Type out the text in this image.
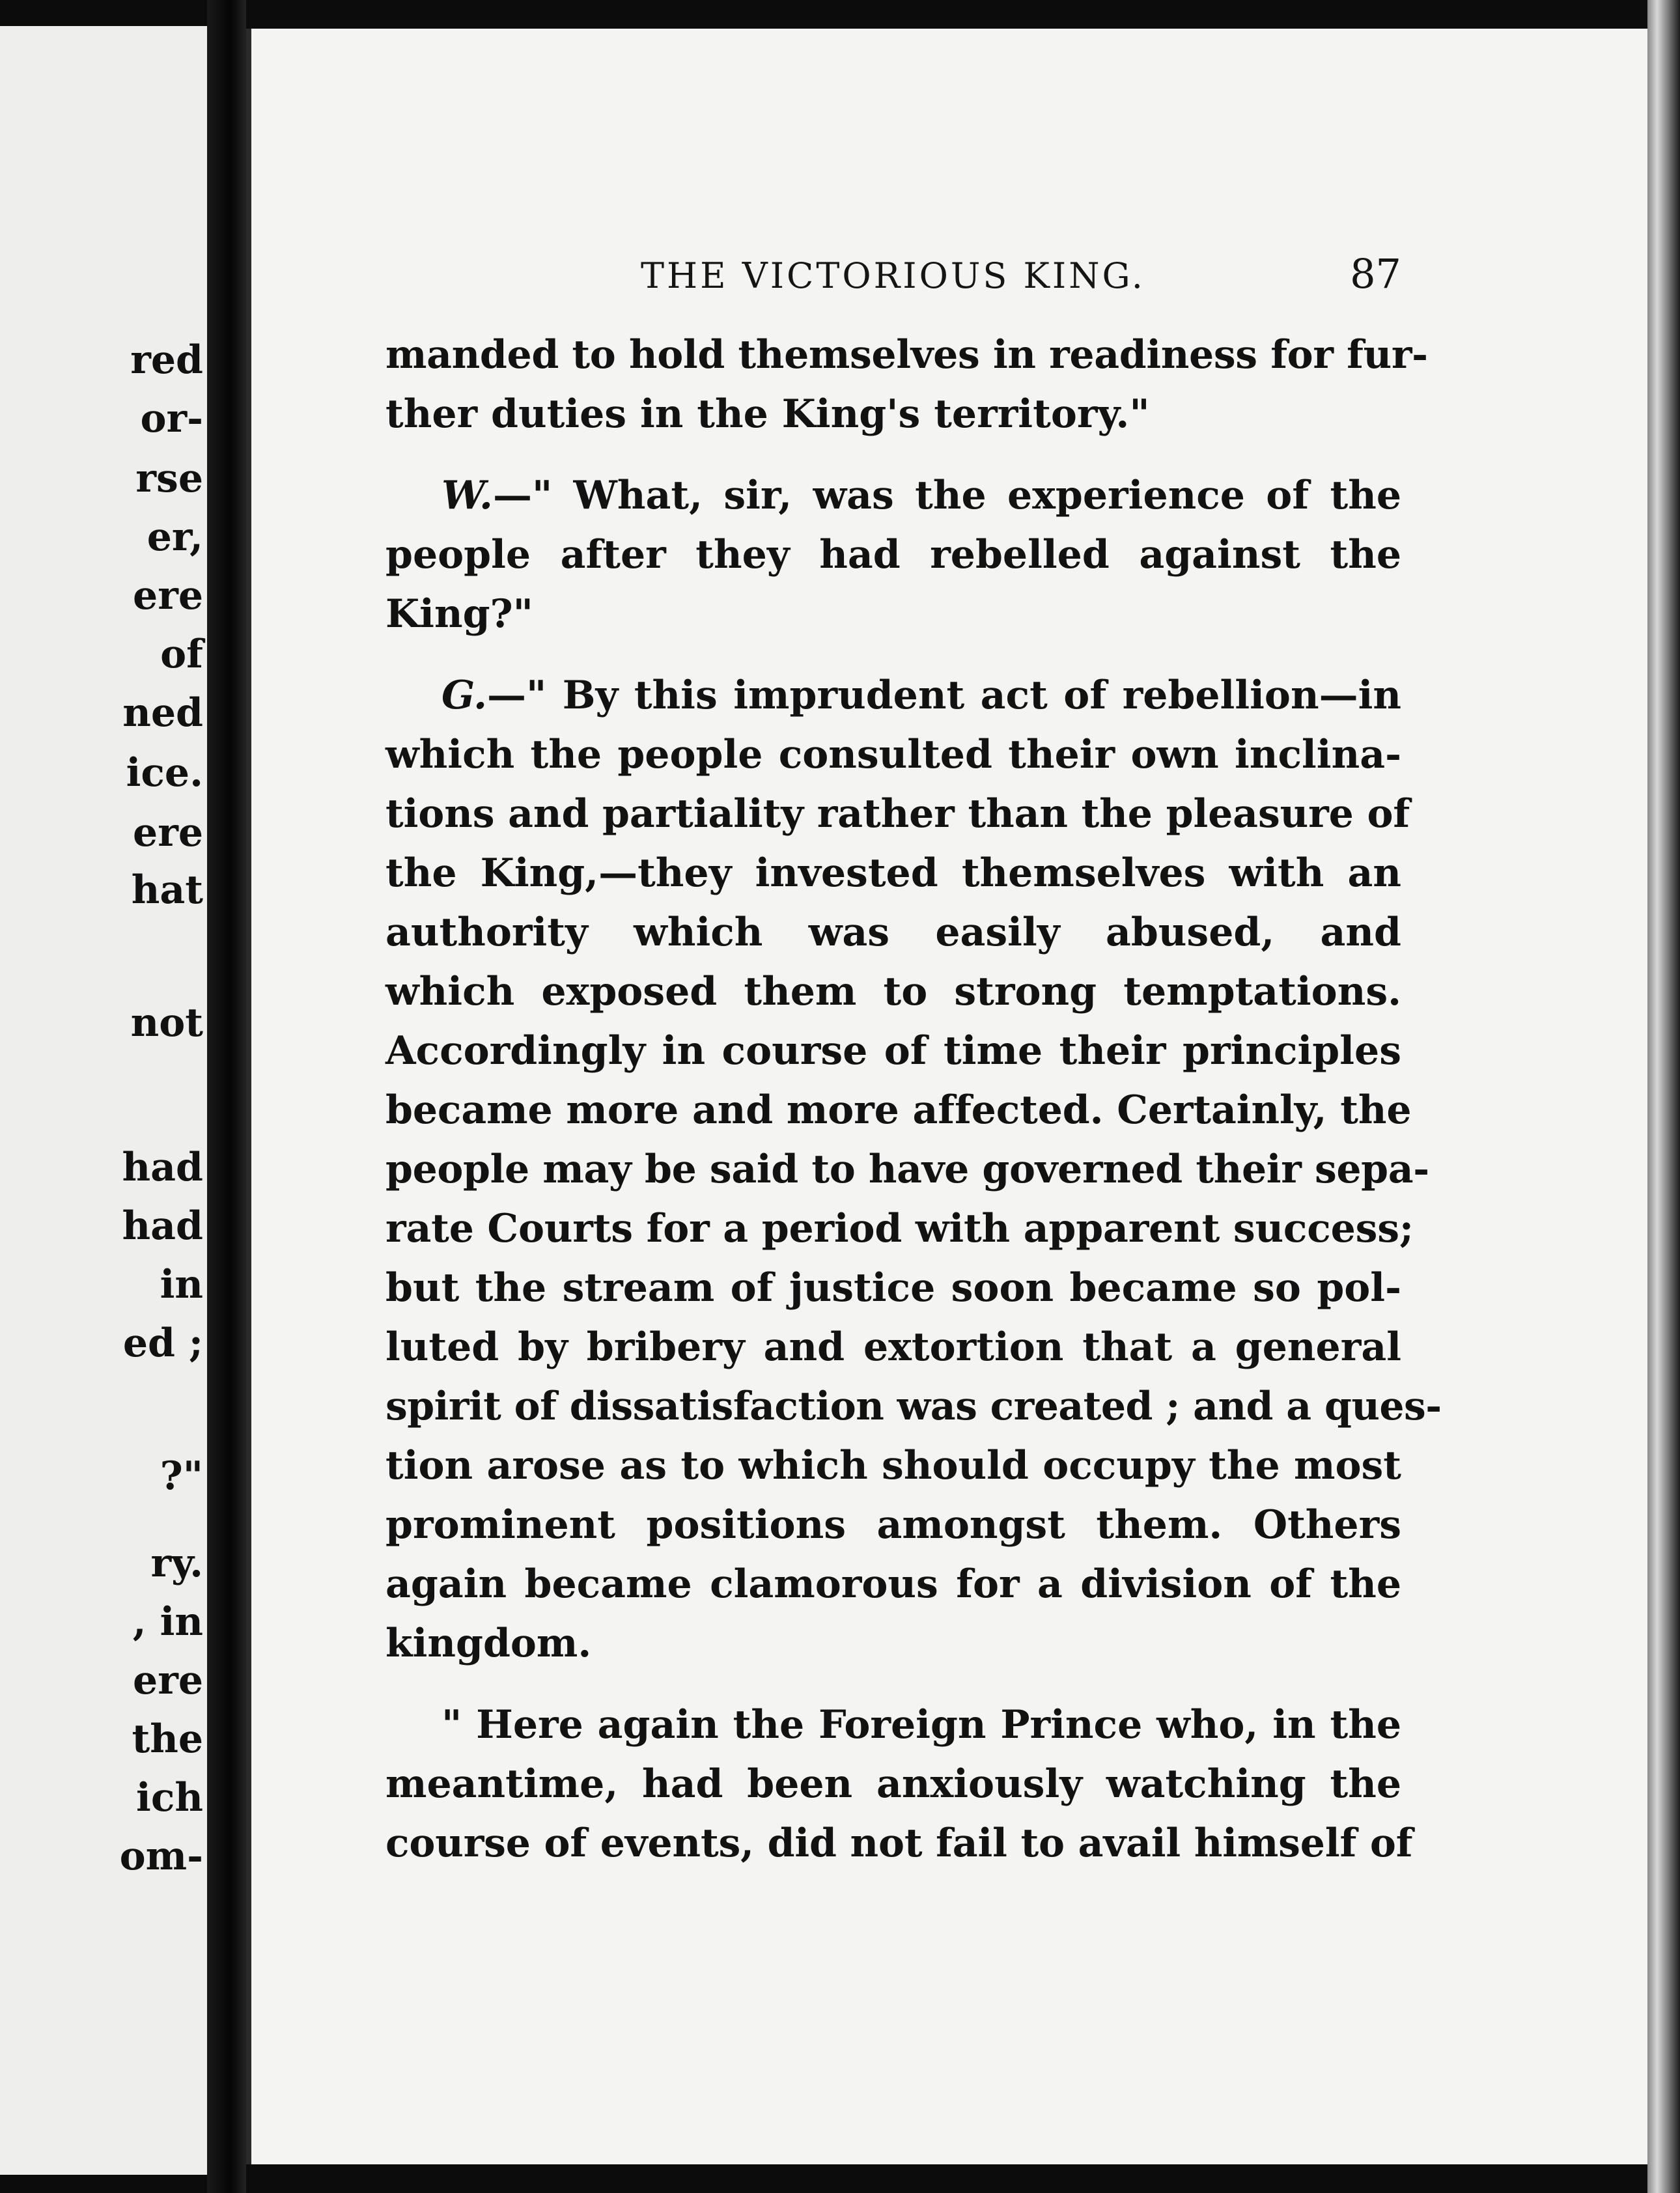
red
or-
rse
er,
ere
of
ned
ice.
ere
hat
not
had
had
in
ed ;
?"
ry.
, in
ere
the
ich
om-
THE VICTORIOUS KING.	87
manded to hold themselves in readiness for fur-
ther duties in the King's territory."
W.—" What, sir, was the experience of the
people after they had rebelled against the
King?"
G.—" By this imprudent act of rebellion—in
which the people consulted their own inclina-
tions and partiality rather than the pleasure of
the King,—they invested themselves with an
authority which was easily abused, and
which exposed them to strong temptations.
Accordingly in course of time their principles
became more and more affected. Certainly, the
people may be said to have governed their sepa-
rate Courts for a period with apparent success;
but the stream of justice soon became so pol-
luted by bribery and extortion that a general
spirit of dissatisfaction was created ; and a ques-
tion arose as to which should occupy the most
prominent positions amongst them. Others
again became clamorous for a division of the
kingdom.
" Here again the Foreign Prince who, in the
meantime, had been anxiously watching the
course of events, did not fail to avail himself of
